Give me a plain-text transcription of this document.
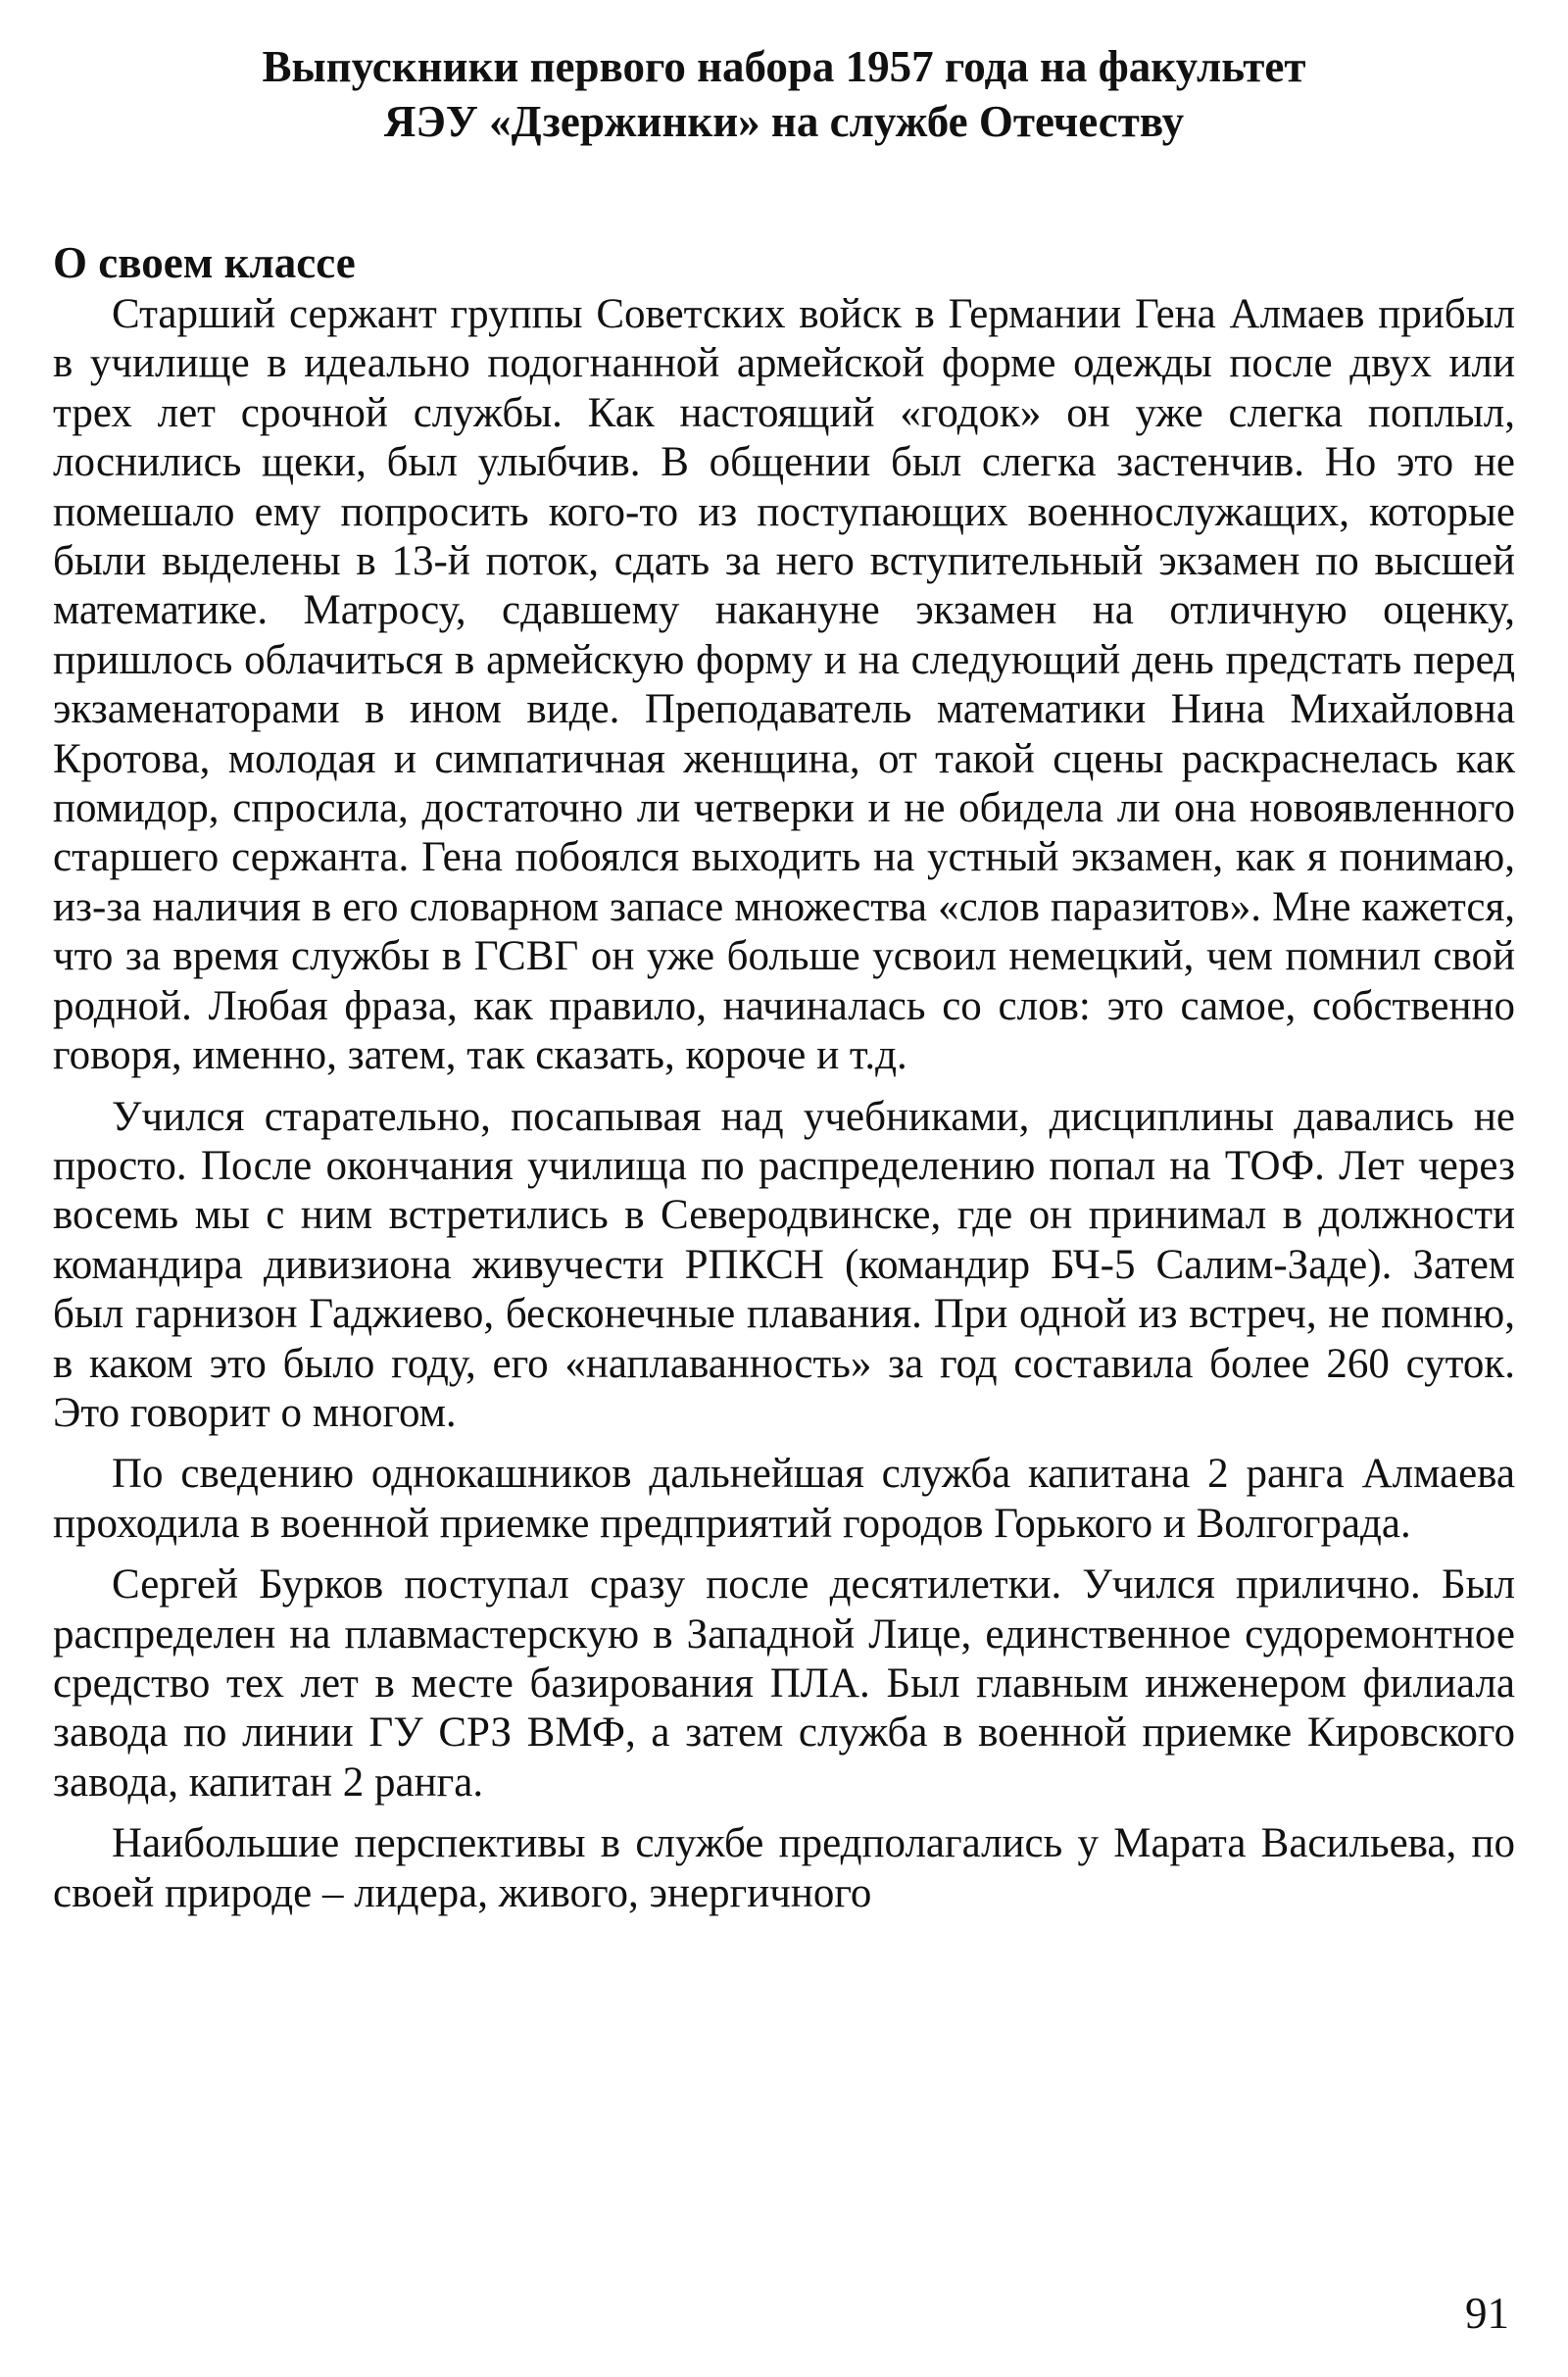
Выпускники первого набора 1957 года на факультет
ЯЭУ «Дзержинки» на службе Отечеству
О своем классе

Старший сержант группы Советских войск в Германии Гена Алмаев прибыл в училище в идеально подогнанной армейской форме одежды после двух или трех лет срочной службы. Как настоящий «годок» он уже слегка поплыл, лоснились щеки, был улыбчив. В общении был слегка застенчив. Но это не помешало ему попросить кого-то из поступающих военнослужащих, которые были выделены в 13-й поток, сдать за него вступительный экзамен по высшей математике. Матросу, сдавшему накануне экзамен на отличную оценку, пришлось облачиться в армейскую форму и на следующий день предстать перед экзаменаторами в ином виде. Преподаватель математики Нина Михайловна Кротова, молодая и симпатичная женщина, от такой сцены раскраснелась как помидор, спросила, достаточно ли четверки и не обидела ли она новоявленного старшего сержанта. Гена побоялся выходить на устный экзамен, как я понимаю, из-за наличия в его словарном запасе множества «слов паразитов». Мне кажется, что за время службы в ГСВГ он уже больше усвоил немецкий, чем помнил свой родной. Любая фраза, как правило, начиналась со слов: это самое, собственно говоря, именно, затем, так сказать, короче и т.д.

Учился старательно, посапывая над учебниками, дисциплины давались не просто. После окончания училища по распределению попал на ТОФ. Лет через восемь мы с ним встретились в Северодвинске, где он принимал в должности командира дивизиона живучести РПКСН (командир БЧ-5 Салим-Заде). Затем был гарнизон Гаджиево, бесконечные плавания. При одной из встреч, не помню, в каком это было году, его «наплаванность» за год составила более 260 суток. Это говорит о многом.

По сведению однокашников дальнейшая служба капитана 2 ранга Алмаева проходила в военной приемке предприятий городов Горького и Волгограда.

Сергей Бурков поступал сразу после десятилетки. Учился прилично. Был распределен на плавмастерскую в Западной Лице, единственное судоремонтное средство тех лет в месте базирования ПЛА. Был главным инженером филиала завода по линии ГУ СРЗ ВМФ, а затем служба в военной приемке Кировского завода, капитан 2 ранга.

Наибольшие перспективы в службе предполагались у Марата Васильева, по своей природе – лидера, живого, энергичного

91
